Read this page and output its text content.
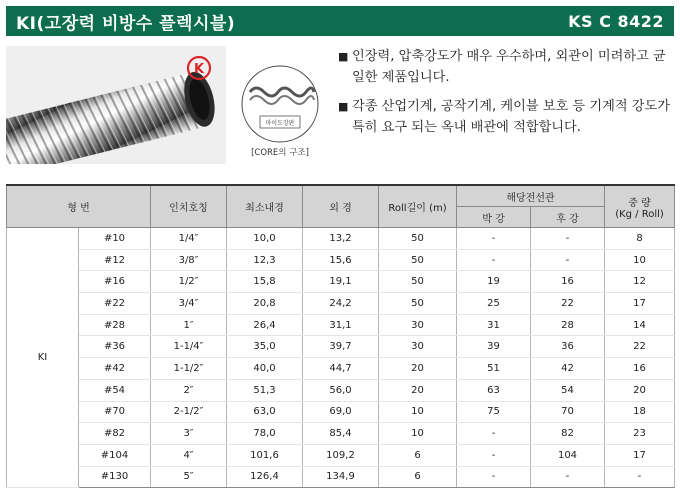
KI(고장력 비방수 플렉시블)	KS C 8422
K
마이도강판
[CORE의 구조]
■ 인장력, 압축강도가 매우 우수하며, 외관이 미려하고 균일한 제품입니다.
■ 각종 산업기계, 공작기계, 케이블 보호 등 기계적 강도가 특히 요구 되는 옥내 배관에 적합합니다.
형 번		인치호칭	최소내경	외 경	Roll길이 (m)	해당전선관		중 량
(Kg / Roll)

						박 강	후 강	
KI	#10	1/4″	10,0	13,2	50	-	-	8
	#12	3/8″	12,3	15,6	50	-	-	10
	#16	1/2″	15,8	19,1	50	19	16	12
	#22	3/4″	20,8	24,2	50	25	22	17
	#28	1″	26,4	31,1	30	31	28	14
	#36	1-1/4″	35,0	39,7	30	39	36	22
	#42	1-1/2″	40,0	44,7	20	51	42	16
	#54	2″	51,3	56,0	20	63	54	20
	#70	2-1/2″	63,0	69,0	10	75	70	18
	#82	3″	78,0	85,4	10	-	82	23
	#104	4″	101,6	109,2	6	-	104	17
	#130	5″	126,4	134,9	6	-	-	-
